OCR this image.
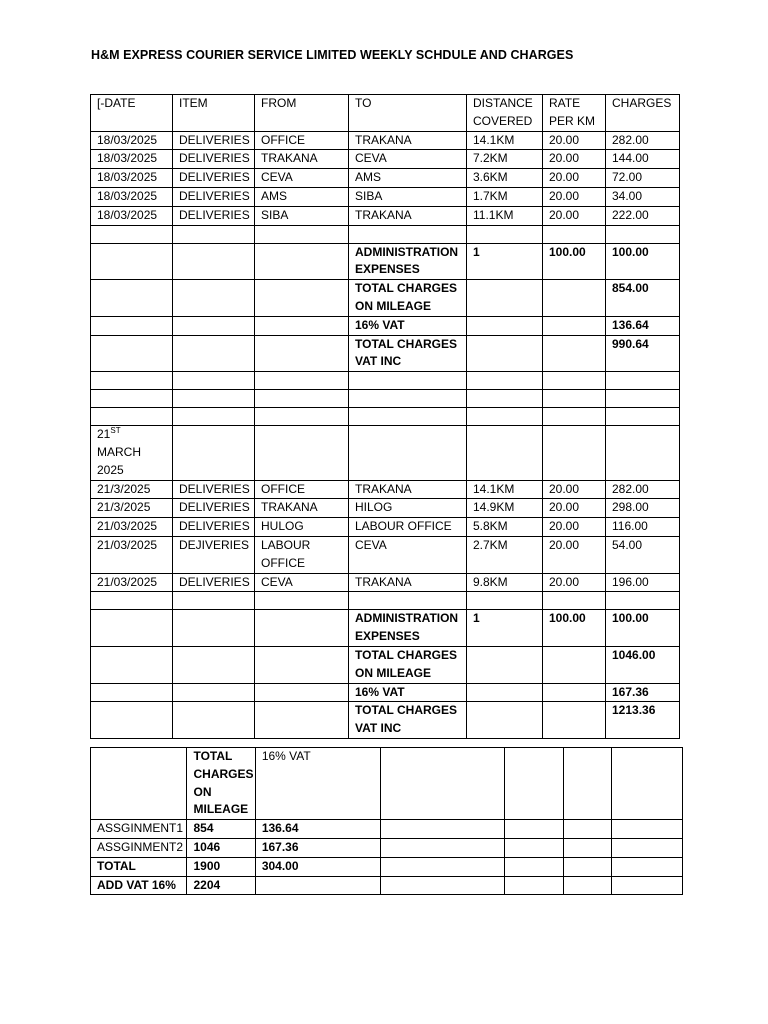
H&M EXPRESS COURIER SERVICE LIMITED WEEKLY SCHDULE AND CHARGES
[-DATE	ITEM	FROM	TO	DISTANCE COVERED	RATE PER KM	CHARGES
18/03/2025	DELIVERIES	OFFICE	TRAKANA	14.1KM	20.00	282.00
18/03/2025	DELIVERIES	TRAKANA	CEVA	7.2KM	20.00	144.00
18/03/2025	DELIVERIES	CEVA	AMS	3.6KM	20.00	72.00
18/03/2025	DELIVERIES	AMS	SIBA	1.7KM	20.00	34.00
18/03/2025	DELIVERIES	SIBA	TRAKANA	11.1KM	20.00	222.00

			ADMINISTRATION EXPENSES	1	100.00	100.00
			TOTAL CHARGES ON MILEAGE			854.00
			16% VAT			136.64
			TOTAL CHARGES VAT INC			990.64

21ST
MARCH
2025						
21/3/2025	DELIVERIES	OFFICE	TRAKANA	14.1KM	20.00	282.00
21/3/2025	DELIVERIES	TRAKANA	HILOG	14.9KM	20.00	298.00
21/03/2025	DELIVERIES	HULOG	LABOUR OFFICE	5.8KM	20.00	116.00
21/03/2025	DEJIVERIES	LABOUR OFFICE	CEVA	2.7KM	20.00	54.00
21/03/2025	DELIVERIES	CEVA	TRAKANA	9.8KM	20.00	196.00

			ADMINISTRATION EXPENSES	1	100.00	100.00
			TOTAL CHARGES ON MILEAGE			1046.00
			16% VAT			167.36
			TOTAL CHARGES VAT INC			1213.36
	TOTAL CHARGES ON MILEAGE	16% VAT				
ASSGINMENT1	854	136.64				
ASSGINMENT2	1046	167.36				
TOTAL	1900	304.00				
ADD VAT 16%	2204					
